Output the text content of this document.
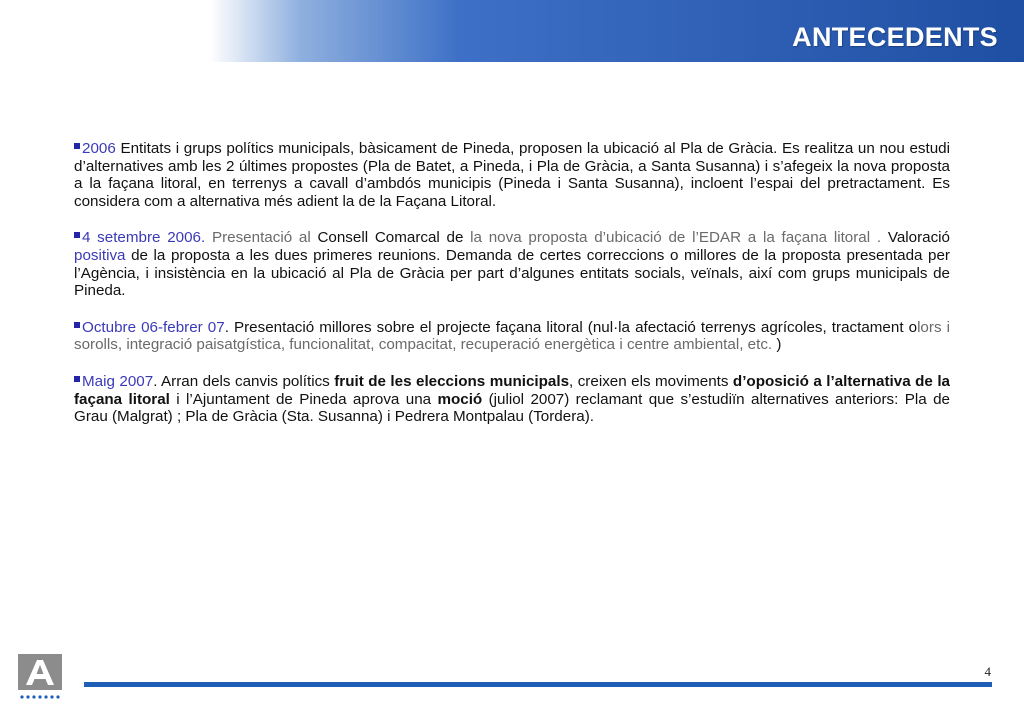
ANTECEDENTS

2006 Entitats i grups polítics municipals, bàsicament de Pineda, proposen la ubicació al Pla de Gràcia. Es realitza un nou estudi d’alternatives amb les 2 últimes propostes (Pla de Batet, a Pineda, i Pla de Gràcia, a Santa Susanna) i s’afegeix la nova proposta a la façana litoral, en terrenys a cavall d’ambdós municipis (Pineda i Santa Susanna), incloent l’espai del pretractament. Es considera com a alternativa més adient la de la Façana Litoral.

4 setembre 2006. Presentació al Consell Comarcal de la nova proposta d’ubicació de l’EDAR a la façana litoral . Valoració positiva de la proposta a les dues primeres reunions. Demanda de certes correccions o millores de la proposta presentada per l’Agència, i insistència en la ubicació al Pla de Gràcia per part d’algunes entitats socials, veïnals, així com grups municipals de Pineda.

Octubre 06-febrer 07. Presentació millores sobre el projecte façana litoral (nul·la afectació terrenys agrícoles, tractament olors i sorolls, integració paisatgística, funcionalitat, compacitat, recuperació energètica i centre ambiental, etc. )

Maig 2007. Arran dels canvis polítics fruit de les eleccions municipals, creixen els moviments d’oposició a l’alternativa de la façana litoral i l’Ajuntament de Pineda aprova una moció (juliol 2007) reclamant que s’estudiïn alternatives anteriors: Pla de Grau (Malgrat) ; Pla de Gràcia (Sta. Susanna) i Pedrera Montpalau (Tordera).

4
